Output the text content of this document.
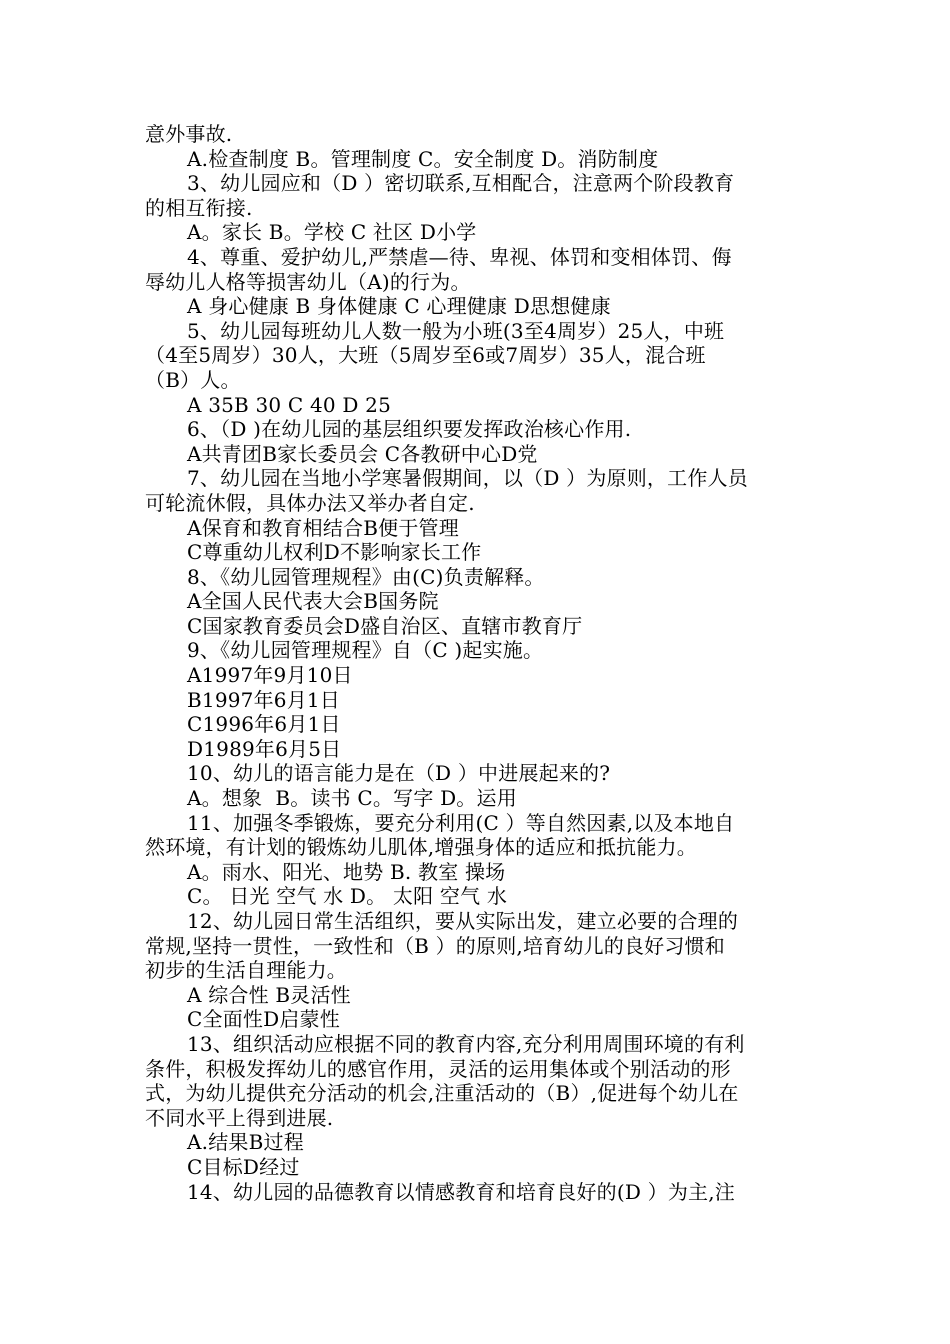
意外事故.
A.检查制度 B。管理制度 C。安全制度 D。消防制度
3、幼儿园应和（D ）密切联系,互相配合，注意两个阶段教育
的相互衔接.
A。家长 B。学校 C 社区 D小学
4、尊重、爱护幼儿,严禁虐—待、卑视、体罚和变相体罚、侮
辱幼儿人格等损害幼儿（A)的行为。
A 身心健康 B 身体健康 C 心理健康 D思想健康
5、幼儿园每班幼儿人数一般为小班(3至4周岁）25人，中班
（4至5周岁）30人，大班（5周岁至6或7周岁）35人，混合班
（B）人。
A 35B 30 C 40 D 25
6、（D )在幼儿园的基层组织要发挥政治核心作用.
A共青团B家长委员会 C各教研中心D党
7、幼儿园在当地小学寒暑假期间，以（D ）为原则，工作人员
可轮流休假，具体办法又举办者自定.
A保育和教育相结合B便于管理
C尊重幼儿权利D不影响家长工作
8、《幼儿园管理规程》由(C)负责解释。
A全国人民代表大会B国务院
C国家教育委员会D盛自治区、直辖市教育厅
9、《幼儿园管理规程》自（C )起实施。
A1997年9月10日
B1997年6月1日
C1996年6月1日
D1989年6月5日
10、幼儿的语言能力是在（D ）中进展起来的?
A。想象  B。读书 C。写字 D。运用
11、加强冬季锻炼，要充分利用(C ）等自然因素,以及本地自
然环境，有计划的锻炼幼儿肌体,增强身体的适应和抵抗能力。
A。雨水、阳光、地势 B. 教室 操场
C。 日光 空气 水 D。 太阳 空气 水
12、幼儿园日常生活组织，要从实际出发，建立必要的合理的
常规,坚持一贯性，一致性和（B ）的原则,培育幼儿的良好习惯和
初步的生活自理能力。
A 综合性 B灵活性
C全面性D启蒙性
13、组织活动应根据不同的教育内容,充分利用周围环境的有利
条件，积极发挥幼儿的感官作用，灵活的运用集体或个别活动的形
式，为幼儿提供充分活动的机会,注重活动的（B）,促进每个幼儿在
不同水平上得到进展.
A.结果B过程
C目标D经过
14、幼儿园的品德教育以情感教育和培育良好的(D ）为主,注
